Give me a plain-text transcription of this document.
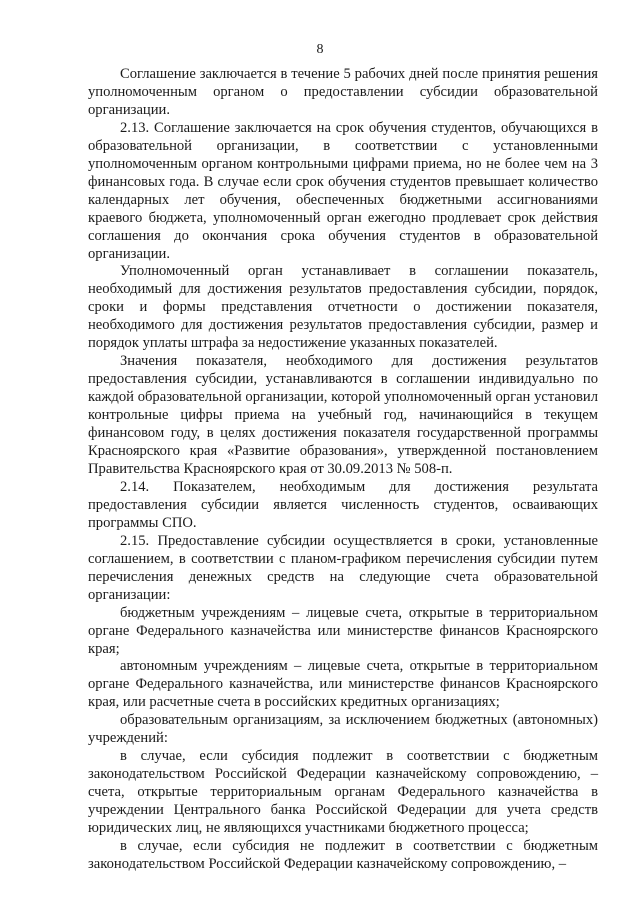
8

Соглашение заключается в течение 5 рабочих дней после принятия решения уполномоченным органом о предоставлении субсидии образовательной организации.

2.13. Соглашение заключается на срок обучения студентов, обучающихся в образовательной организации, в соответствии с установленными уполномоченным органом контрольными цифрами приема, но не более чем на 3 финансовых года. В случае если срок обучения студентов превышает количество календарных лет обучения, обеспеченных бюджетными ассигнованиями краевого бюджета, уполномоченный орган ежегодно продлевает срок действия соглашения до окончания срока обучения студентов в образовательной организации.

Уполномоченный орган устанавливает в соглашении показатель, необходимый для достижения результатов предоставления субсидии, порядок, сроки и формы представления отчетности о достижении показателя, необходимого для достижения результатов предоставления субсидии, размер и порядок уплаты штрафа за недостижение указанных показателей.

Значения показателя, необходимого для достижения результатов предоставления субсидии, устанавливаются в соглашении индивидуально по каждой образовательной организации, которой уполномоченный орган установил контрольные цифры приема на учебный год, начинающийся в текущем финансовом году, в целях достижения показателя государственной программы Красноярского края «Развитие образования», утвержденной постановлением Правительства Красноярского края от 30.09.2013 № 508-п.

2.14. Показателем, необходимым для достижения результата предоставления субсидии является численность студентов, осваивающих программы СПО.

2.15. Предоставление субсидии осуществляется в сроки, установленные соглашением, в соответствии с планом-графиком перечисления субсидии путем перечисления денежных средств на следующие счета образовательной организации:

бюджетным учреждениям – лицевые счета, открытые в территориальном органе Федерального казначейства или министерстве финансов Красноярского края;

автономным учреждениям – лицевые счета, открытые в территориальном органе Федерального казначейства, или министерстве финансов Красноярского края, или расчетные счета в российских кредитных организациях;

образовательным организациям, за исключением бюджетных (автономных) учреждений:

в случае, если субсидия подлежит в соответствии с бюджетным законодательством Российской Федерации казначейскому сопровождению, – счета, открытые территориальным органам Федерального казначейства в учреждении Центрального банка Российской Федерации для учета средств юридических лиц, не являющихся участниками бюджетного процесса;

в случае, если субсидия не подлежит в соответствии с бюджетным законодательством Российской Федерации казначейскому сопровождению, –
